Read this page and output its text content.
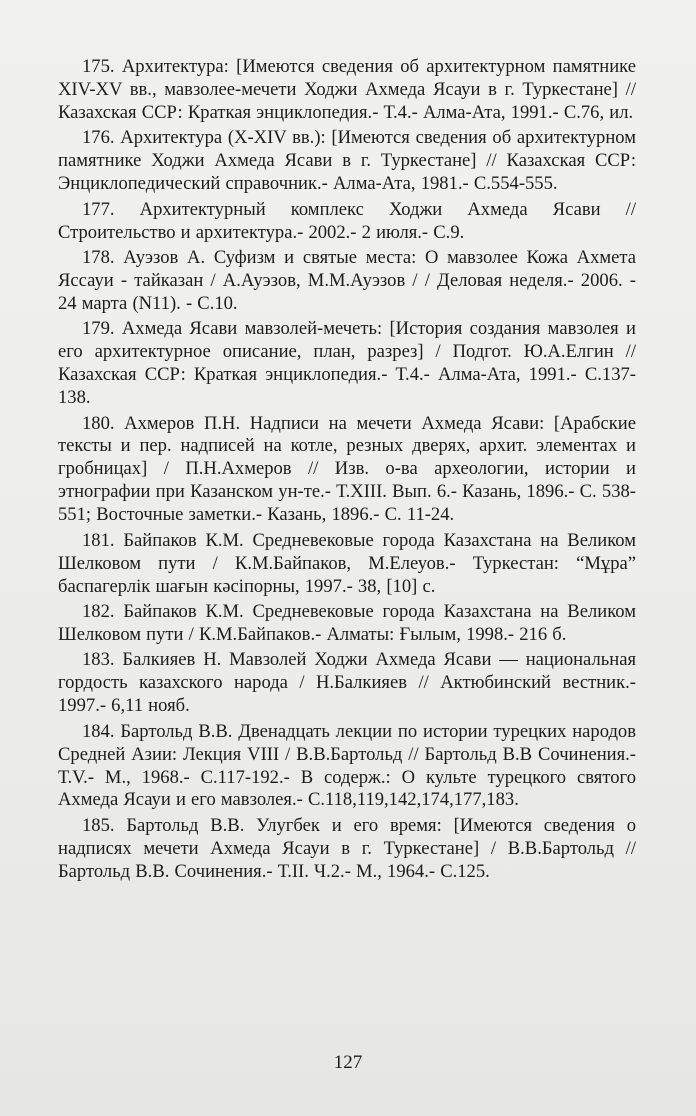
175. Архитектура: [Имеются сведения об архитектурном памятнике XIV-XV вв., мавзолее-мечети Ходжи Ахмеда Ясауи в г. Туркестане] // Казахская ССР: Краткая энциклопедия.- Т.4.- Алма-Ата, 1991.- С.76, ил.

176. Архитектура (X-XIV вв.): [Имеются сведения об архитектурном памятнике Ходжи Ахмеда Ясави в г. Туркестане] // Казахская ССР: Энциклопедический справочник.- Алма-Ата, 1981.- С.554-555.

177. Архитектурный комплекс Ходжи Ахмеда Ясави // Строительство и архитектура.- 2002.- 2 июля.- С.9.

178. Ауэзов А. Суфизм и святые места: О мавзолее Кожа Ахмета Яссауи - тайказан / А.Ауэзов, М.М.Ауэзов / / Деловая неделя.- 2006. - 24 марта (N11). - С.10.

179. Ахмеда Ясави мавзолей-мечеть: [История создания мавзолея и его архитектурное описание, план, разрез] / Подгот. Ю.А.Елгин // Казахская ССР: Краткая энциклопедия.- Т.4.- Алма-Ата, 1991.- С.137-138.

180. Ахмеров П.Н. Надписи на мечети Ахмеда Ясави: [Арабские тексты и пер. надписей на котле, резных дверях, архит. элементах и гробницах] / П.Н.Ахмеров // Изв. о-ва археологии, истории и этнографии при Казанском ун-те.- Т.XIII. Вып. 6.- Казань, 1896.- С. 538-551; Восточные заметки.- Казань, 1896.- С. 11-24.

181. Байпаков К.М. Средневековые города Казахстана на Великом Шелковом пути / К.М.Байпаков, М.Елеуов.- Туркестан: “Мұра” баспагерлік шағын кәсіпорны, 1997.- 38, [10] с.

182. Байпаков К.М. Средневековые города Казахстана на Великом Шелковом пути / К.М.Байпаков.- Алматы: Ғылым, 1998.- 216 б.

183. Балкияев Н. Мавзолей Ходжи Ахмеда Ясави — национальная гордость казахского народа / Н.Балкияев // Актюбинский вестник.- 1997.- 6,11 нояб.

184. Бартольд В.В. Двенадцать лекции по истории турецких народов Средней Азии: Лекция VIII / В.В.Бартольд // Бартольд В.В Сочинения.- Т.V.- М., 1968.- С.117-192.- В содерж.: О культе турецкого святого Ахмеда Ясауи и его мавзолея.- С.118,119,142,174,177,183.

185. Бартольд В.В. Улугбек и его время: [Имеются сведения о надписях мечети Ахмеда Ясауи в г. Туркестане] / В.В.Бартольд // Бартольд В.В. Сочинения.- Т.II. Ч.2.- М., 1964.- С.125.

127
